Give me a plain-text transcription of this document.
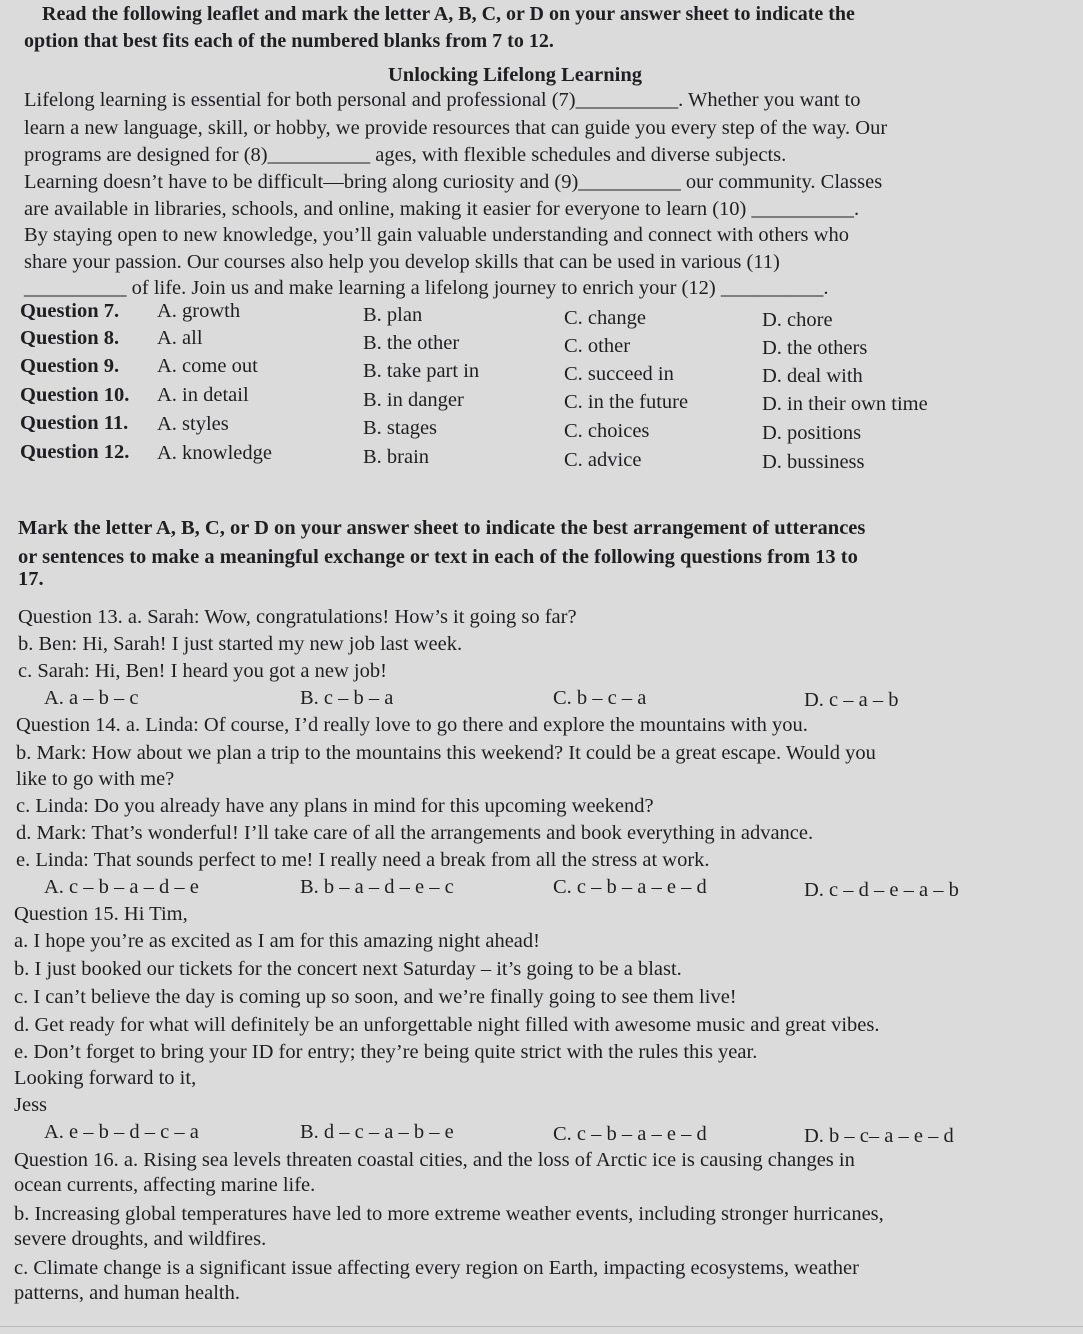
Read the following leaflet and mark the letter A, B, C, or D on your answer sheet to indicate the
option that best fits each of the numbered blanks from 7 to 12.
Unlocking Lifelong Learning
Lifelong learning is essential for both personal and professional (7)__________. Whether you want to
learn a new language, skill, or hobby, we provide resources that can guide you every step of the way. Our
programs are designed for (8)__________ ages, with flexible schedules and diverse subjects.
Learning doesn’t have to be difficult—bring along curiosity and (9)__________ our community. Classes
are available in libraries, schools, and online, making it easier for everyone to learn (10) __________.
By staying open to new knowledge, you’ll gain valuable understanding and connect with others who
share your passion. Our courses also help you develop skills that can be used in various (11)
__________ of life. Join us and make learning a lifelong journey to enrich your (12) __________.
Question 7. A. growth	B. plan	C. change	D. chore
Question 8. A. all	B. the other	C. other	D. the others
Question 9. A. come out	B. take part in	C. succeed in	D. deal with
Question 10. A. in detail	B. in danger	C. in the future	D. in their own time
Question 11. A. styles	B. stages	C. choices	D. positions
Question 12. A. knowledge	B. brain	C. advice	D. bussiness
Mark the letter A, B, C, or D on your answer sheet to indicate the best arrangement of utterances
or sentences to make a meaningful exchange or text in each of the following questions from 13 to
17.
Question 13. a. Sarah: Wow, congratulations! How’s it going so far?
b. Ben: Hi, Sarah! I just started my new job last week.
c. Sarah: Hi, Ben! I heard you got a new job!
A. a – b – c	B. c – b – a	C. b – c – a	D. c – a – b
Question 14. a. Linda: Of course, I’d really love to go there and explore the mountains with you.
b. Mark: How about we plan a trip to the mountains this weekend? It could be a great escape. Would you
like to go with me?
c. Linda: Do you already have any plans in mind for this upcoming weekend?
d. Mark: That’s wonderful! I’ll take care of all the arrangements and book everything in advance.
e. Linda: That sounds perfect to me! I really need a break from all the stress at work.
A. c – b – a – d – e	B. b – a – d – e – c	C. c – b – a – e – d	D. c – d – e – a – b
Question 15. Hi Tim,
a. I hope you’re as excited as I am for this amazing night ahead!
b. I just booked our tickets for the concert next Saturday – it’s going to be a blast.
c. I can’t believe the day is coming up so soon, and we’re finally going to see them live!
d. Get ready for what will definitely be an unforgettable night filled with awesome music and great vibes.
e. Don’t forget to bring your ID for entry; they’re being quite strict with the rules this year.
Looking forward to it,
Jess
A. e – b – d – c – a	B. d – c – a – b – e	C. c – b – a – e – d	D. b – c– a – e – d
Question 16. a. Rising sea levels threaten coastal cities, and the loss of Arctic ice is causing changes in
ocean currents, affecting marine life.
b. Increasing global temperatures have led to more extreme weather events, including stronger hurricanes,
severe droughts, and wildfires.
c. Climate change is a significant issue affecting every region on Earth, impacting ecosystems, weather
patterns, and human health.
